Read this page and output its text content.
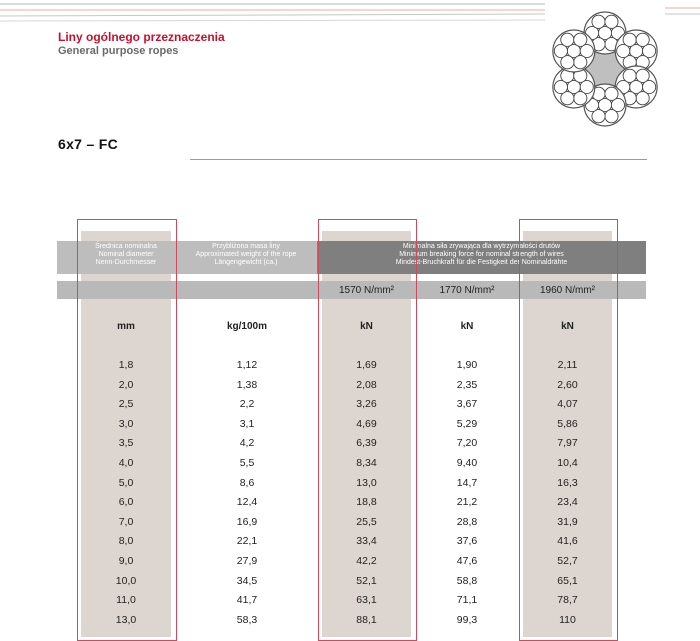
Liny ogólnego przeznaczenia
General purpose ropes
6x7 – FC
Średnica nominalna
Nominal diameter
Nenn-Durchmesser
Przybliżona masa liny
Approximated weight of the rope
Längengewicht (ca.)
Minimalna siła zrywająca dla wytrzymałości drutów
Minimum breaking force for nominal strength of wires
Mindest-Bruchkraft für die Festigkeit der Nominaldrähte
1570 N/mm²	1770 N/mm²	1960 N/mm²
mm	kg/100m	kN	kN	kN
1,8	1,12	1,69	1,90	2,11
2,0	1,38	2,08	2,35	2,60
2,5	2,2	3,26	3,67	4,07
3,0	3,1	4,69	5,29	5,86
3,5	4,2	6,39	7,20	7,97
4,0	5,5	8,34	9,40	10,4
5,0	8,6	13,0	14,7	16,3
6,0	12,4	18,8	21,2	23,4
7,0	16,9	25,5	28,8	31,9
8,0	22,1	33,4	37,6	41,6
9,0	27,9	42,2	47,6	52,7
10,0	34,5	52,1	58,8	65,1
11,0	41,7	63,1	71,1	78,7
13,0	58,3	88,1	99,3	110
